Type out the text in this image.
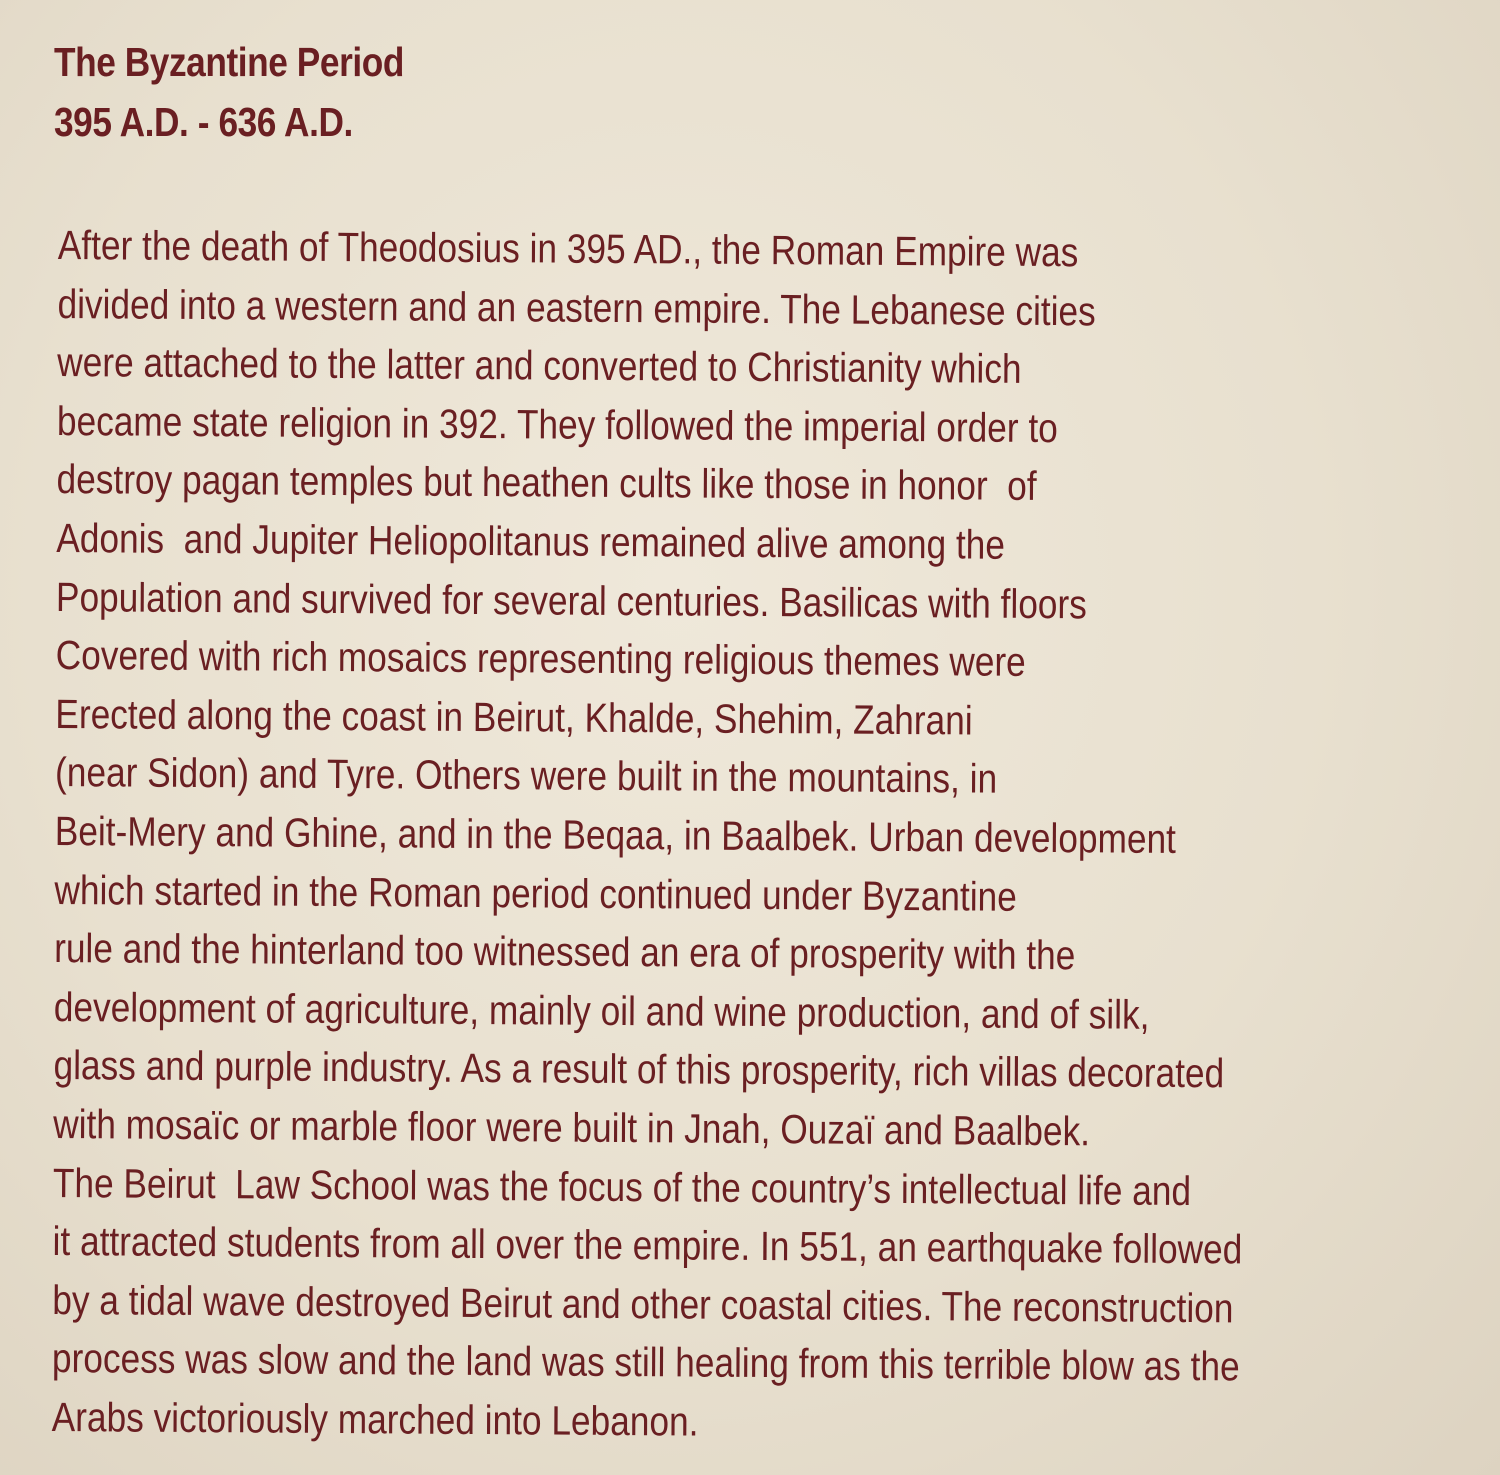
The Byzantine Period
395 A.D. - 636 A.D.
After the death of Theodosius in 395 AD., the Roman Empire was
divided into a western and an eastern empire. The Lebanese cities
were attached to the latter and converted to Christianity which
became state religion in 392. They followed the imperial order to
destroy pagan temples but heathen cults like those in honor  of
Adonis  and Jupiter Heliopolitanus remained alive among the
Population and survived for several centuries. Basilicas with floors
Covered with rich mosaics representing religious themes were
Erected along the coast in Beirut, Khalde, Shehim, Zahrani
(near Sidon) and Tyre. Others were built in the mountains, in
Beit-Mery and Ghine, and in the Beqaa, in Baalbek. Urban development
which started in the Roman period continued under Byzantine
rule and the hinterland too witnessed an era of prosperity with the
development of agriculture, mainly oil and wine production, and of silk,
glass and purple industry. As a result of this prosperity, rich villas decorated
with mosaïc or marble floor were built in Jnah, Ouzaï and Baalbek.
The Beirut  Law School was the focus of the country’s intellectual life and
it attracted students from all over the empire. In 551, an earthquake followed
by a tidal wave destroyed Beirut and other coastal cities. The reconstruction
process was slow and the land was still healing from this terrible blow as the
Arabs victoriously marched into Lebanon.
